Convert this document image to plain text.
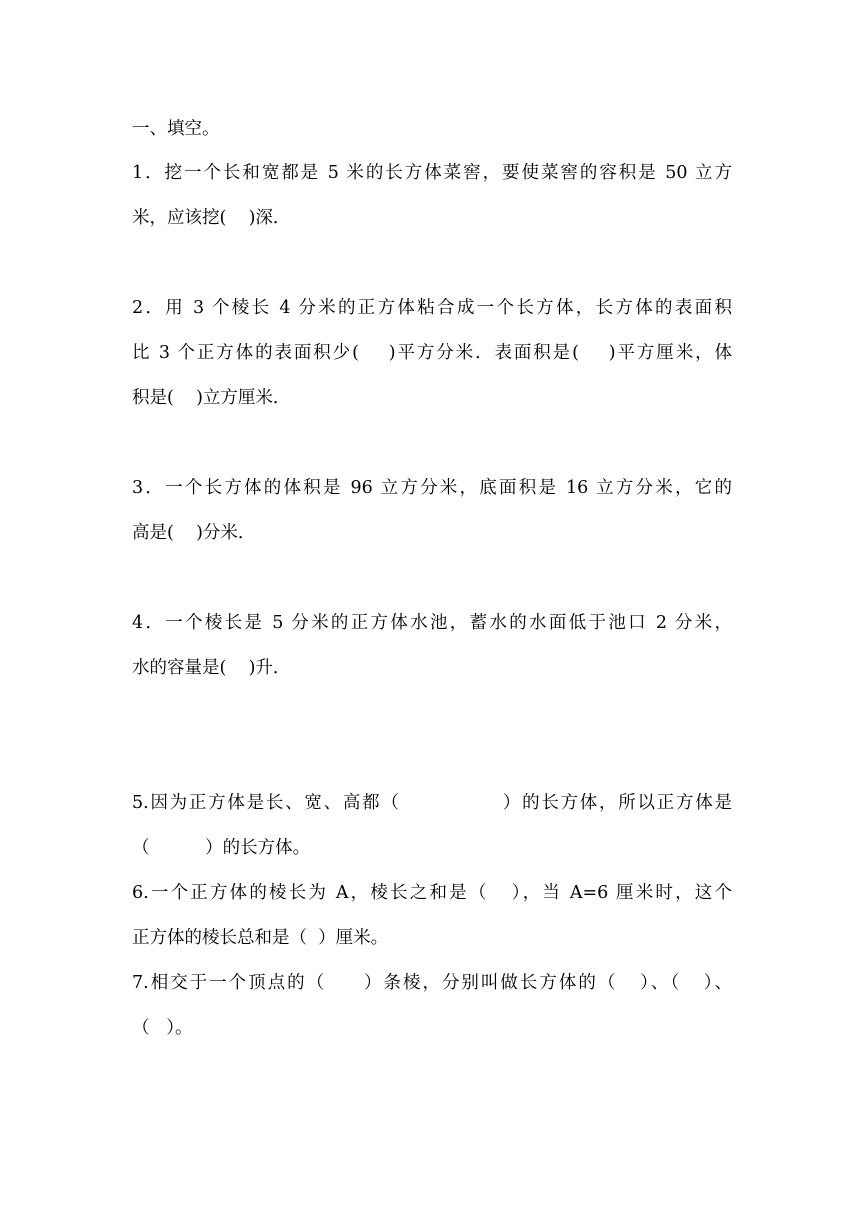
一、填空。
1．挖一个长和宽都是 5 米的长方体菜窖，要使菜窖的容积是 50 立方
米，应该挖(    )深．
2．用 3 个棱长 4 分米的正方体粘合成一个长方体，长方体的表面积
比 3 个正方体的表面积少(    )平方分米．表面积是(    )平方厘米，体
积是(    )立方厘米．
3．一个长方体的体积是 96 立方分米，底面积是 16 立方分米，它的
高是(    )分米．
4．一个棱长是 5 分米的正方体水池，蓄水的水面低于池口 2 分米，
水的容量是(    )升．
5.因为正方体是长、宽、高都（              ）的长方体，所以正方体是
（          ）的长方体。
6.一个正方体的棱长为 A，棱长之和是（   ），当 A=6 厘米时，这个
正方体的棱长总和是（  ）厘米。
7.相交于一个顶点的（     ）条棱，分别叫做长方体的（   ）、（   ）、
（   ）。
